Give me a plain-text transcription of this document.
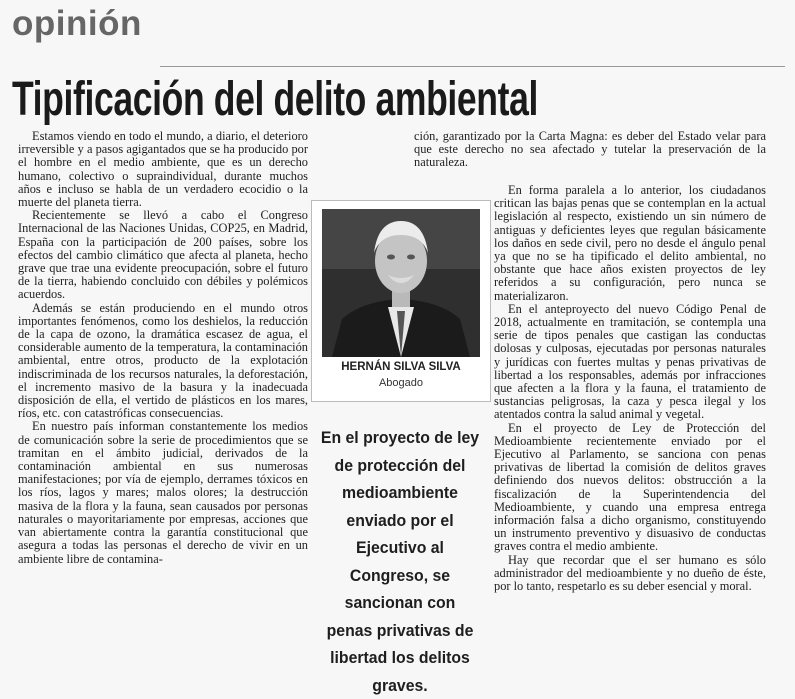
opinión
Tipificación del delito ambiental

Estamos viendo en todo el mundo, a diario, el deterioro irreversible y a pasos agigantados que se ha producido por el hombre en el medio ambiente, que es un derecho humano, colectivo o supraindividual, durante muchos años e incluso se habla de un verdadero ecocidio o la muerte del planeta tierra.

Recientemente se llevó a cabo el Congreso Internacional de las Naciones Unidas, COP25, en Madrid, España con la participación de 200 países, sobre los efectos del cambio climático que afecta al planeta, hecho grave que trae una evidente preocupación, sobre el futuro de la tierra, habiendo concluido con débiles y polémicos acuerdos.

Además se están produciendo en el mundo otros importantes fenómenos, como los deshielos, la reducción de la capa de ozono, la dramática escasez de agua, el considerable aumento de la temperatura, la contaminación ambiental, entre otros, producto de la explotación indiscriminada de los recursos naturales, la deforestación, el incremento masivo de la basura y la inadecuada disposición de ella, el vertido de plásticos en los mares, ríos, etc. con catastróficas consecuencias.

En nuestro país informan constantemente los medios de comunicación sobre la serie de procedimientos que se tramitan en el ámbito judicial, derivados de la contaminación ambiental en sus numerosas manifestaciones; por vía de ejemplo, derrames tóxicos en los ríos, lagos y mares; malos olores; la destrucción masiva de la flora y la fauna, sean causados por personas naturales o mayoritariamente por empresas, acciones que van abiertamente contra la garantía constitucional que asegura a todas las personas el derecho de vivir en un ambiente libre de contamina-

ción, garantizado por la Carta Magna: es deber del Estado velar para que este derecho no sea afectado y tutelar la preservación de la naturaleza.

HERNÁN SILVA SILVA
Abogado
En el proyecto de ley de protección del medioambiente enviado por el Ejecutivo al Congreso, se sancionan con penas privativas de libertad los delitos graves.

En forma paralela a lo anterior, los ciudadanos critican las bajas penas que se contemplan en la actual legislación al respecto, existiendo un sin número de antiguas y deficientes leyes que regulan básicamente los daños en sede civil, pero no desde el ángulo penal ya que no se ha tipificado el delito ambiental, no obstante que hace años existen proyectos de ley referidos a su configuración, pero nunca se materializaron.

En el anteproyecto del nuevo Código Penal de 2018, actualmente en tramitación, se contempla una serie de tipos penales que castigan las conductas dolosas y culposas, ejecutadas por personas naturales y jurídicas con fuertes multas y penas privativas de libertad a los responsables, además por infracciones que afecten a la flora y la fauna, el tratamiento de sustancias peligrosas, la caza y pesca ilegal y los atentados contra la salud animal y vegetal.

En el proyecto de Ley de Protección del Medioambiente recientemente enviado por el Ejecutivo al Parlamento, se sanciona con penas privativas de libertad la comisión de delitos graves definiendo dos nuevos delitos: obstrucción a la fiscalización de la Superintendencia del Medioambiente, y cuando una empresa entrega información falsa a dicho organismo, constituyendo un instrumento preventivo y disuasivo de conductas graves contra el medio ambiente.

Hay que recordar que el ser humano es sólo administrador del medioambiente y no dueño de éste, por lo tanto, respetarlo es su deber esencial y moral.
